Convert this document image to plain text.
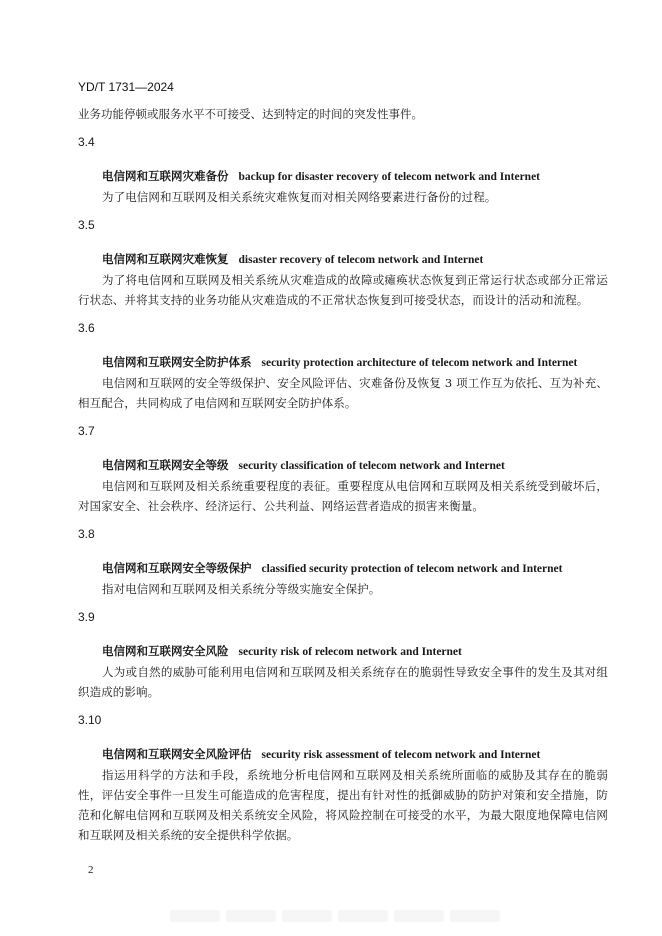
YD/T 1731—2024

业务功能停顿或服务水平不可接受、达到特定的时间的突发性事件。

3.4
电信网和互联网灾难备份 backup for disaster recovery of telecom network and Internet

为了电信网和互联网及相关系统灾难恢复而对相关网络要素进行备份的过程。

3.5
电信网和互联网灾难恢复 disaster recovery of telecom network and Internet

为了将电信网和互联网及相关系统从灾难造成的故障或瘫痪状态恢复到正常运行状态或部分正常运行状态、并将其支持的业务功能从灾难造成的不正常状态恢复到可接受状态，而设计的活动和流程。

3.6
电信网和互联网安全防护体系 security protection architecture of telecom network and Internet

电信网和互联网的安全等级保护、安全风险评估、灾难备份及恢复 3 项工作互为依托、互为补充、相互配合，共同构成了电信网和互联网安全防护体系。

3.7
电信网和互联网安全等级 security classification of telecom network and Internet

电信网和互联网及相关系统重要程度的表征。重要程度从电信网和互联网及相关系统受到破坏后，对国家安全、社会秩序、经济运行、公共利益、网络运营者造成的损害来衡量。

3.8
电信网和互联网安全等级保护 classified security protection of telecom network and Internet

指对电信网和互联网及相关系统分等级实施安全保护。

3.9
电信网和互联网安全风险 security risk of relecom network and Internet

人为或自然的威胁可能利用电信网和互联网及相关系统存在的脆弱性导致安全事件的发生及其对组织造成的影响。

3.10
电信网和互联网安全风险评估 security risk assessment of telecom network and Internet

指运用科学的方法和手段，系统地分析电信网和互联网及相关系统所面临的威胁及其存在的脆弱性，评估安全事件一旦发生可能造成的危害程度，提出有针对性的抵御威胁的防护对策和安全措施，防范和化解电信网和互联网及相关系统安全风险，将风险控制在可接受的水平，为最大限度地保障电信网和互联网及相关系统的安全提供科学依据。

2
